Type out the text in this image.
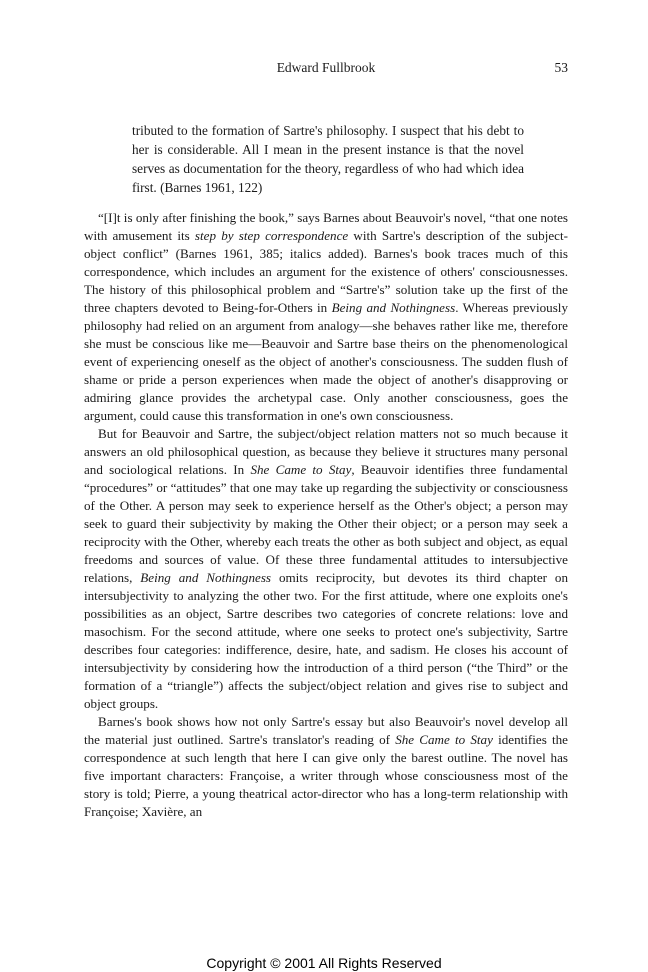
Edward Fullbrook	53

tributed to the formation of Sartre's philosophy. I suspect that his debt to her is considerable. All I mean in the present instance is that the novel serves as documentation for the theory, regardless of who had which idea first. (Barnes 1961, 122)

“[I]t is only after finishing the book,” says Barnes about Beauvoir's novel, “that one notes with amusement its step by step correspondence with Sartre's description of the subject-object conflict” (Barnes 1961, 385; italics added). Barnes's book traces much of this correspondence, which includes an argument for the existence of others' consciousnesses. The history of this philosophical problem and “Sartre's” solution take up the first of the three chapters devoted to Being-for-Others in Being and Nothingness. Whereas previously philosophy had relied on an argument from analogy—she behaves rather like me, therefore she must be conscious like me—Beauvoir and Sartre base theirs on the phenomenological event of experiencing oneself as the object of another's consciousness. The sudden flush of shame or pride a person experiences when made the object of another's disapproving or admiring glance provides the archetypal case. Only another consciousness, goes the argument, could cause this transformation in one's own consciousness.

But for Beauvoir and Sartre, the subject/object relation matters not so much because it answers an old philosophical question, as because they believe it structures many personal and sociological relations. In She Came to Stay, Beauvoir identifies three fundamental “procedures” or “attitudes” that one may take up regarding the subjectivity or consciousness of the Other. A person may seek to experience herself as the Other's object; a person may seek to guard their subjectivity by making the Other their object; or a person may seek a reciprocity with the Other, whereby each treats the other as both subject and object, as equal freedoms and sources of value. Of these three fundamental attitudes to intersubjective relations, Being and Nothingness omits reciprocity, but devotes its third chapter on intersubjectivity to analyzing the other two. For the first attitude, where one exploits one's possibilities as an object, Sartre describes two categories of concrete relations: love and masochism. For the second attitude, where one seeks to protect one's subjectivity, Sartre describes four categories: indifference, desire, hate, and sadism. He closes his account of intersubjectivity by considering how the introduction of a third person (“the Third” or the formation of a “triangle”) affects the subject/object relation and gives rise to subject and object groups.

Barnes's book shows how not only Sartre's essay but also Beauvoir's novel develop all the material just outlined. Sartre's translator's reading of She Came to Stay identifies the correspondence at such length that here I can give only the barest outline. The novel has five important characters: Françoise, a writer through whose consciousness most of the story is told; Pierre, a young theatrical actor-director who has a long-term relationship with Françoise; Xavière, an

Copyright © 2001 All Rights Reserved
